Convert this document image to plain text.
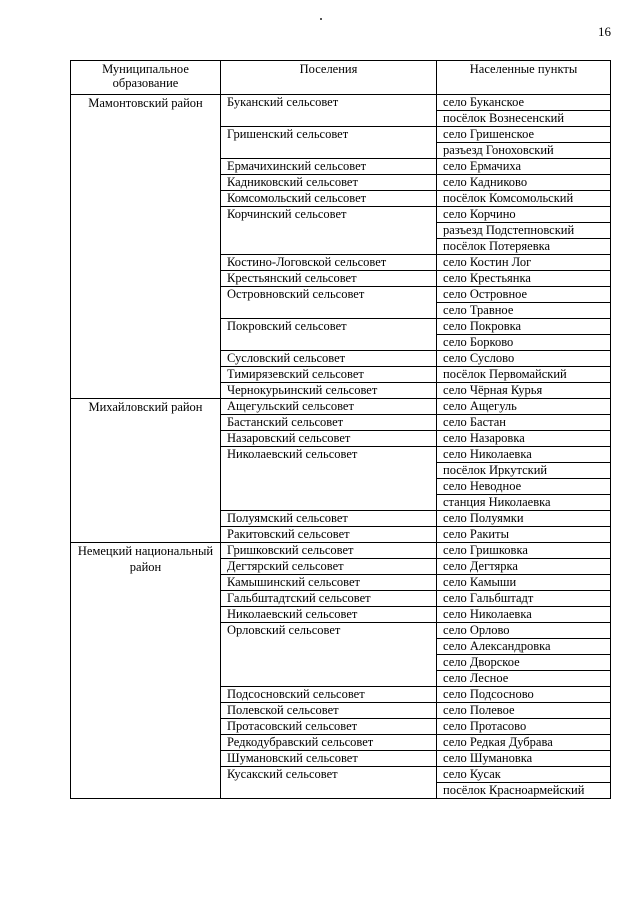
16
Муниципальное образование	Поселения	Населенные пункты
Мамонтовский район	Буканский сельсовет	село Буканское
		посёлок Вознесенский
	Гришенский сельсовет	село Гришенское
		разъезд Гоноховский
	Ермачихинский сельсовет	село Ермачиха
	Кадниковский сельсовет	село Кадниково
	Комсомольский сельсовет	посёлок Комсомольский
	Корчинский сельсовет	село Корчино
		разъезд Подстепновский
		посёлок Потеряевка
	Костино-Логовской сельсовет	село Костин Лог
	Крестьянский сельсовет	село Крестьянка
	Островновский сельсовет	село Островное
		село Травное
	Покровский сельсовет	село Покровка
		село Борково
	Сусловский сельсовет	село Суслово
	Тимирязевский сельсовет	посёлок Первомайский
	Чернокурьинский сельсовет	село Чёрная Курья
Михайловский район	Ащегульский сельсовет	село Ащегуль
	Бастанский сельсовет	село Бастан
	Назаровский сельсовет	село Назаровка
	Николаевский сельсовет	село Николаевка
		посёлок Иркутский
		село Неводное
		станция Николаевка
	Полуямский сельсовет	село Полуямки
	Ракитовский сельсовет	село Ракиты
Немецкий национальный район	Гришковский сельсовет	село Гришковка
	Дегтярский сельсовет	село Дегтярка
	Камышинский сельсовет	село Камыши
	Гальбштадтский сельсовет	село Гальбштадт
	Николаевский сельсовет	село Николаевка
	Орловский сельсовет	село Орлово
		село Александровка
		село Дворское
		село Лесное
	Подсосновский сельсовет	село Подсосново
	Полевской сельсовет	село Полевое
	Протасовский сельсовет	село Протасово
	Редкодубравский сельсовет	село Редкая Дубрава
	Шумановский сельсовет	село Шумановка
	Кусакский сельсовет	село Кусак
		посёлок Красноармейский
